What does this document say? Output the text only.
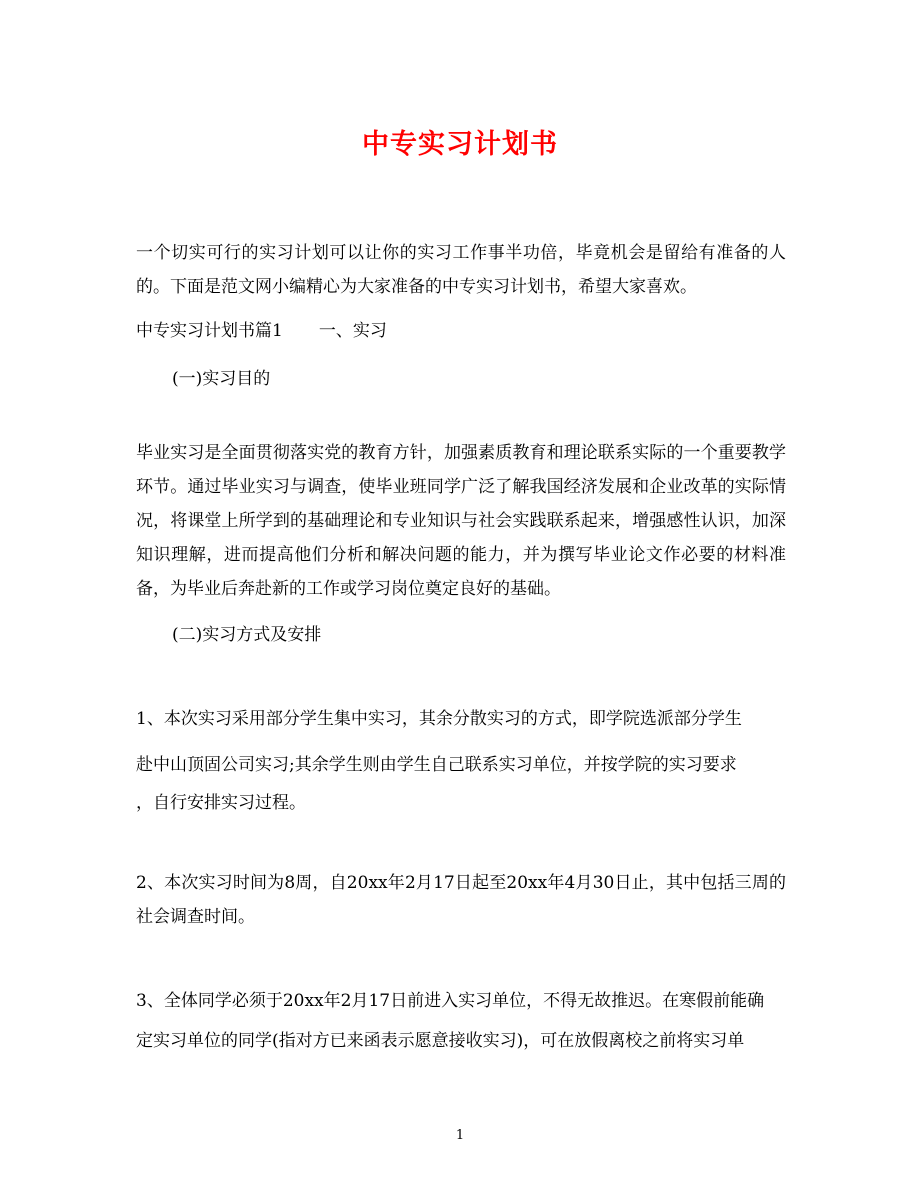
中专实习计划书
一个切实可行的实习计划可以让你的实习工作事半功倍，毕竟机会是留给有准备的人的。下面是范文网小编精心为大家准备的中专实习计划书，希望大家喜欢。
中专实习计划书篇1 一、实习
(一)实习目的
毕业实习是全面贯彻落实党的教育方针，加强素质教育和理论联系实际的一个重要教学环节。通过毕业实习与调查，使毕业班同学广泛了解我国经济发展和企业改革的实际情况，将课堂上所学到的基础理论和专业知识与社会实践联系起来，增强感性认识，加深知识理解，进而提高他们分析和解决问题的能力，并为撰写毕业论文作必要的材料准备，为毕业后奔赴新的工作或学习岗位奠定良好的基础。
(二)实习方式及安排
1、本次实习采用部分学生集中实习，其余分散实习的方式，即学院选派部分学生
赴中山顶固公司实习;其余学生则由学生自己联系实习单位，并按学院的实习要求
，自行安排实习过程。
2、本次实习时间为8周，自20xx年2月17日起至20xx年4月30日止，其中包括三周的社会调查时间。
3、全体同学必须于20xx年2月17日前进入实习单位，不得无故推迟。在寒假前能确
定实习单位的同学(指对方已来函表示愿意接收实习)，可在放假离校之前将实习单
1
